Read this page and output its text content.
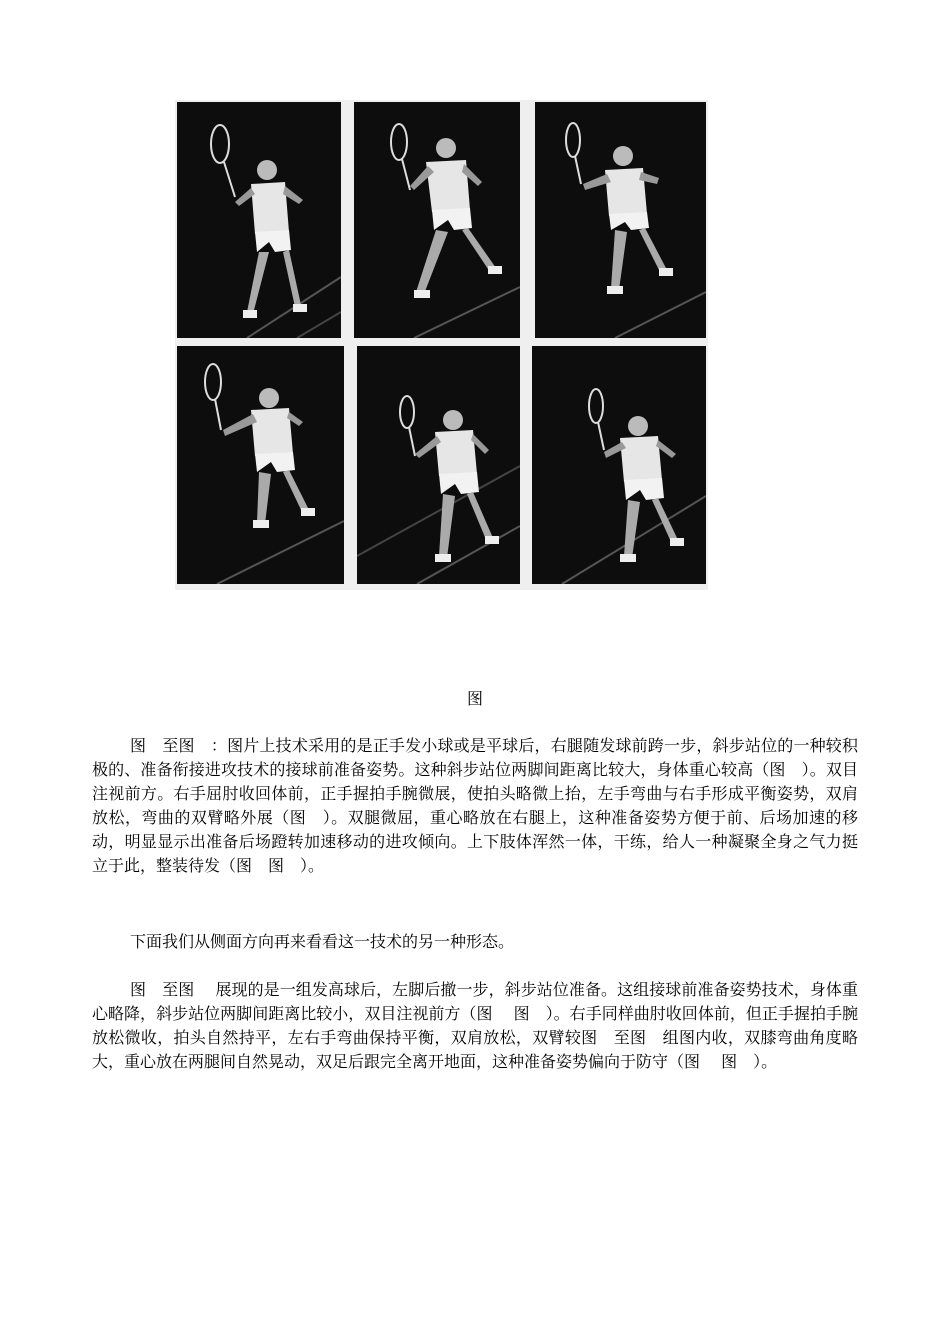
图

图　至图　：图片上技术采用的是正手发小球或是平球后，右腿随发球前跨一步，斜步站位的一种较积极的、准备衔接进攻技术的接球前准备姿势。这种斜步站位两脚间距离比较大，身体重心较高（图　）。双目注视前方。右手屈肘收回体前，正手握拍手腕微展，使拍头略微上抬，左手弯曲与右手形成平衡姿势，双肩放松，弯曲的双臂略外展（图　）。双腿微屈，重心略放在右腿上，这种准备姿势方便于前、后场加速的移动，明显显示出准备后场蹬转加速移动的进攻倾向。上下肢体浑然一体，干练，给人一种凝聚全身之气力挺立于此，整装待发（图　图　）。

下面我们从侧面方向再来看看这一技术的另一种形态。

图　至图　 展现的是一组发高球后，左脚后撤一步，斜步站位准备。这组接球前准备姿势技术，身体重心略降，斜步站位两脚间距离比较小，双目注视前方（图　 图　）。右手同样曲肘收回体前，但正手握拍手腕放松微收，拍头自然持平，左右手弯曲保持平衡，双肩放松，双臂较图　至图　组图内收，双膝弯曲角度略大，重心放在两腿间自然晃动，双足后跟完全离开地面，这种准备姿势偏向于防守（图　 图　）。
